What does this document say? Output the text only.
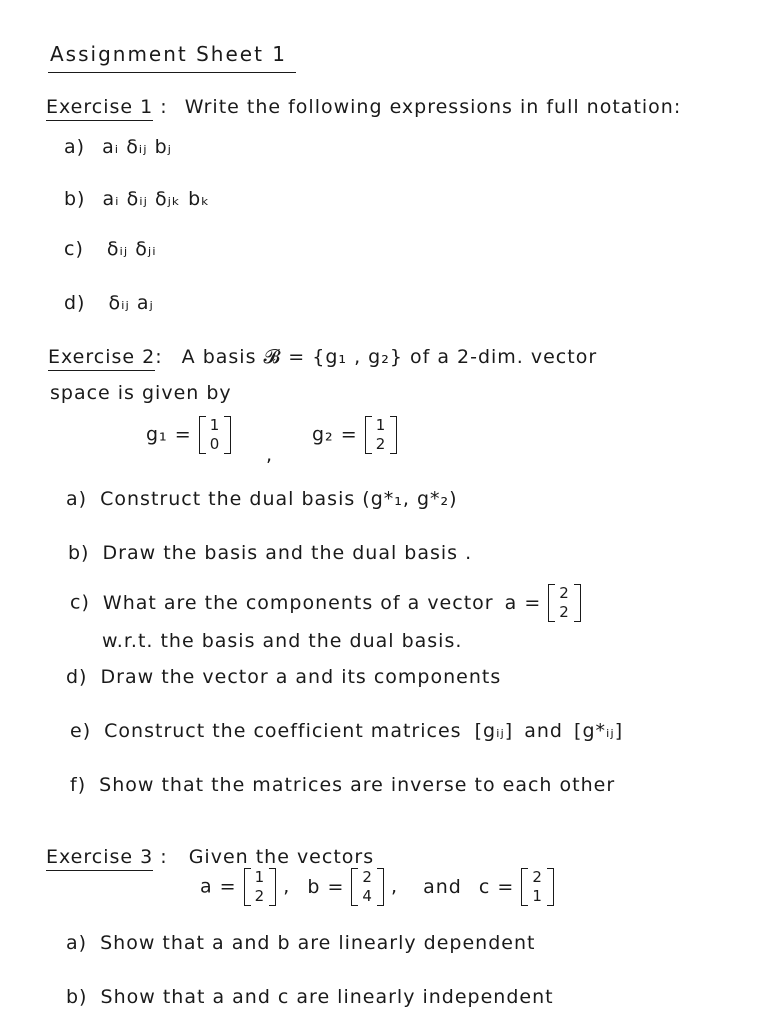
Assignment Sheet 1
Exercise 1 : Write the following expressions in full notation:
a) aᵢ δᵢⱼ bⱼ
b) aᵢ δᵢⱼ δⱼₖ bₖ
c) δᵢⱼ δⱼᵢ
d) δᵢⱼ aⱼ
Exercise 2: A basis 𝓑 = {g₁ , g₂} of a 2-dim. vector
space is given by
g₁ = 1
0 ,
g₂ = 1
2
a) Construct the dual basis (g*₁, g*₂)
b) Draw the basis and the dual basis .
c) What are the components of a vector a = 2
2
w.r.t. the basis and the dual basis.
d) Draw the vector a and its components
e) Construct the coefficient matrices [gᵢⱼ] and [g*ᵢⱼ]
f) Show that the matrices are inverse to each other
Exercise 3 : Given the vectors
a = 1
2 , b = 2
4 , and c = 2
1
a) Show that a and b are linearly dependent
b) Show that a and c are linearly independent
